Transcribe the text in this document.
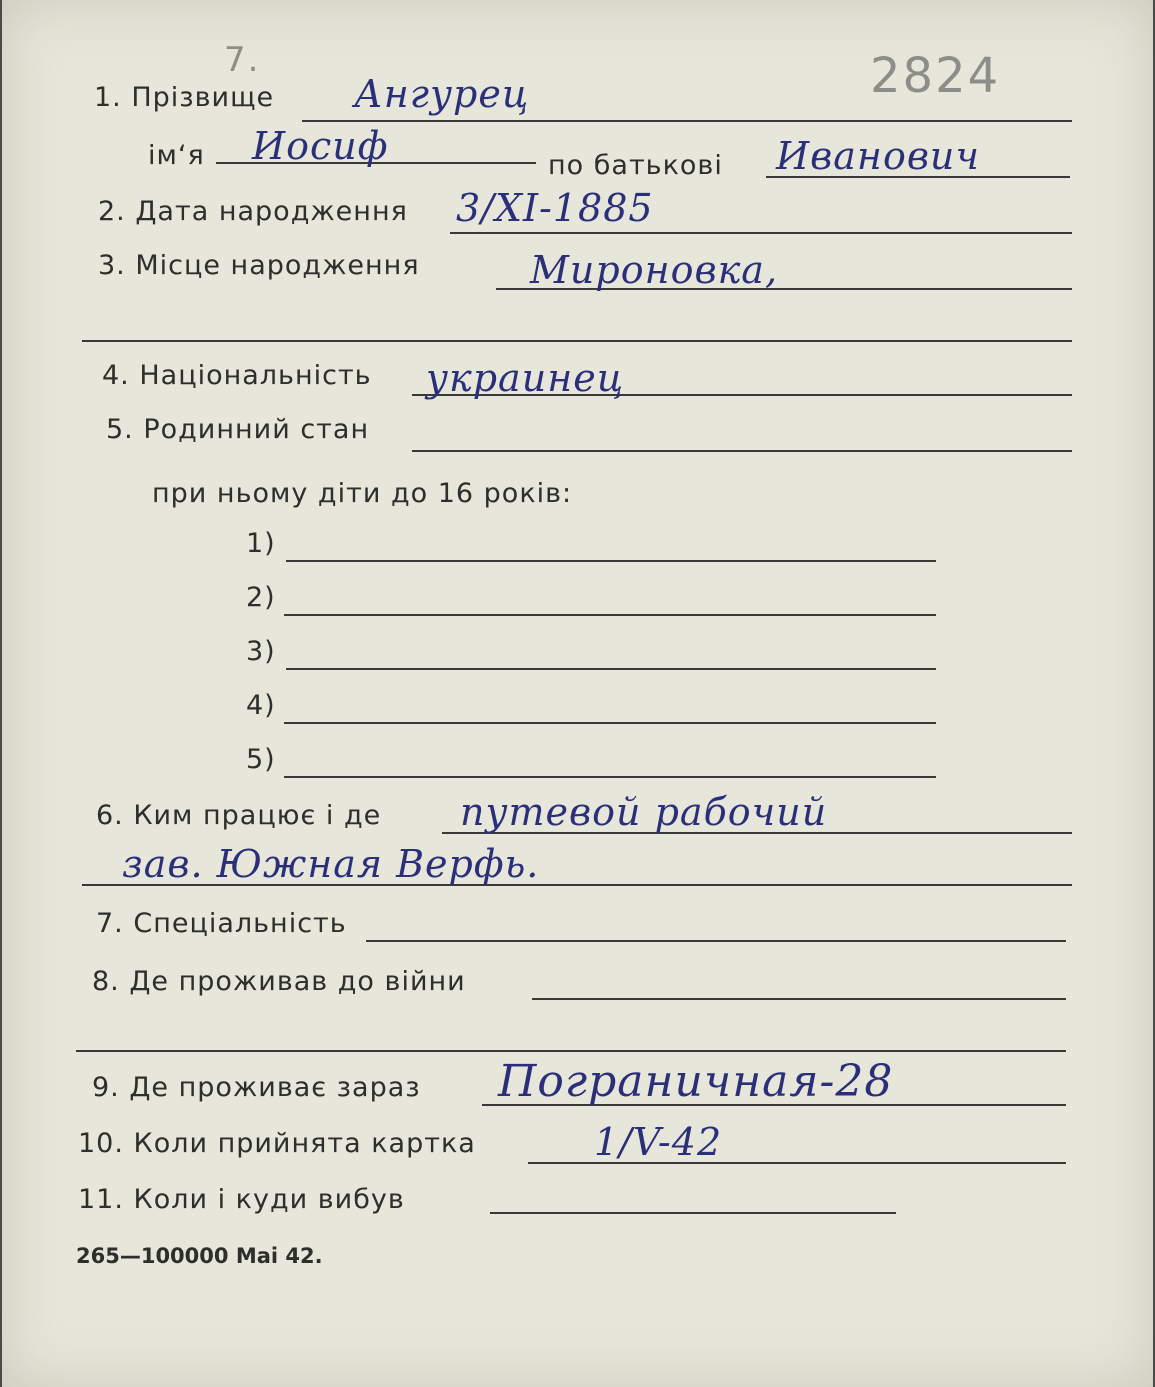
7.	2824
1. Прізвище Ангурец
ім‘я Иосиф	по батькові Иванович
2. Дата народження 3/XI-1885
3. Місце народження	Мироновка,
4. Національність украинец
5. Родинний стан
при ньому діти до 16 років:
1)
2)
3)
4)
5)
6. Ким працює і де путевой рабочий
зав. Южная Верфь.
7. Спеціальність
8. Де проживав до війни
9. Де проживає зараз Пограничная-28
10. Коли прийнята картка	1/V-42
11. Коли і куди вибув
265—100000 Mai 42.
